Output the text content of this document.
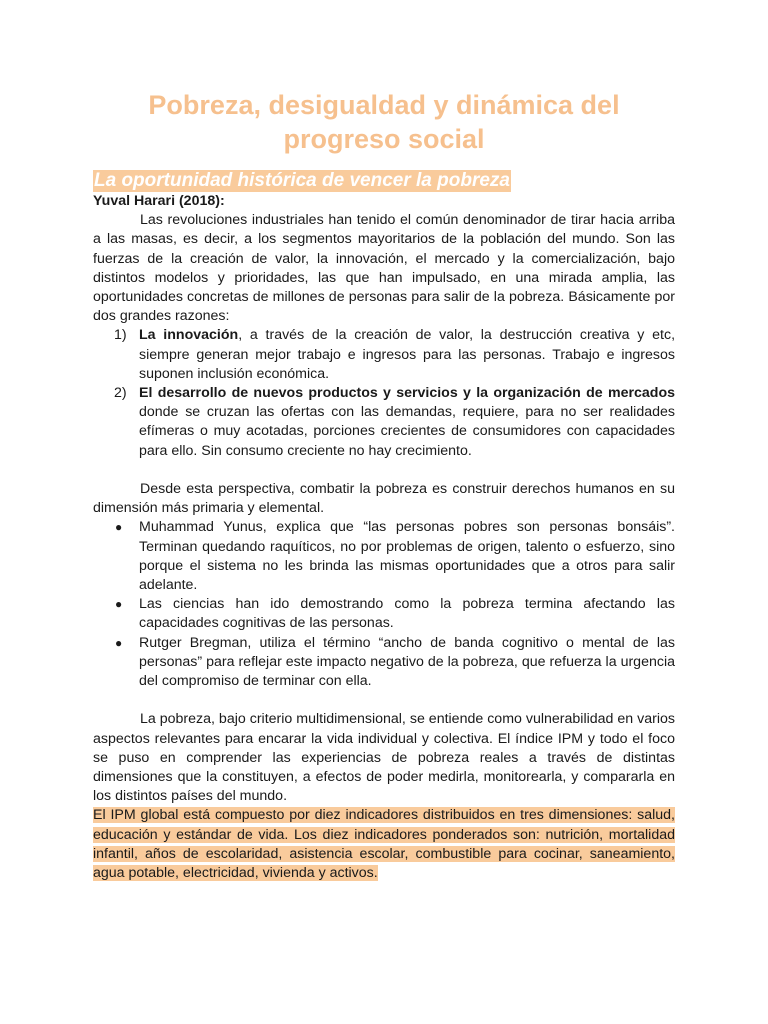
Pobreza, desigualdad y dinámica del progreso social
La oportunidad histórica de vencer la pobreza
Yuval Harari (2018):

Las revoluciones industriales han tenido el común denominador de tirar hacia arriba a las masas, es decir, a los segmentos mayoritarios de la población del mundo. Son las fuerzas de la creación de valor, la innovación, el mercado y la comercialización, bajo distintos modelos y prioridades, las que han impulsado, en una mirada amplia, las oportunidades concretas de millones de personas para salir de la pobreza. Básicamente por dos grandes razones:

1) La innovación, a través de la creación de valor, la destrucción creativa y etc, siempre generan mejor trabajo e ingresos para las personas. Trabajo e ingresos suponen inclusión económica.
2) El desarrollo de nuevos productos y servicios y la organización de mercados donde se cruzan las ofertas con las demandas, requiere, para no ser realidades efímeras o muy acotadas, porciones crecientes de consumidores con capacidades para ello. Sin consumo creciente no hay crecimiento.

Desde esta perspectiva, combatir la pobreza es construir derechos humanos en su dimensión más primaria y elemental.

● Muhammad Yunus, explica que “las personas pobres son personas bonsáis”. Terminan quedando raquíticos, no por problemas de origen, talento o esfuerzo, sino porque el sistema no les brinda las mismas oportunidades que a otros para salir adelante.
● Las ciencias han ido demostrando como la pobreza termina afectando las capacidades cognitivas de las personas.
● Rutger Bregman, utiliza el término “ancho de banda cognitivo o mental de las personas” para reflejar este impacto negativo de la pobreza, que refuerza la urgencia del compromiso de terminar con ella.

La pobreza, bajo criterio multidimensional, se entiende como vulnerabilidad en varios aspectos relevantes para encarar la vida individual y colectiva. El índice IPM y todo el foco se puso en comprender las experiencias de pobreza reales a través de distintas dimensiones que la constituyen, a efectos de poder medirla, monitorearla, y compararla en los distintos países del mundo.

El IPM global está compuesto por diez indicadores distribuidos en tres dimensiones: salud, educación y estándar de vida. Los diez indicadores ponderados son: nutrición, mortalidad infantil, años de escolaridad, asistencia escolar, combustible para cocinar, saneamiento, agua potable, electricidad, vivienda y activos.
